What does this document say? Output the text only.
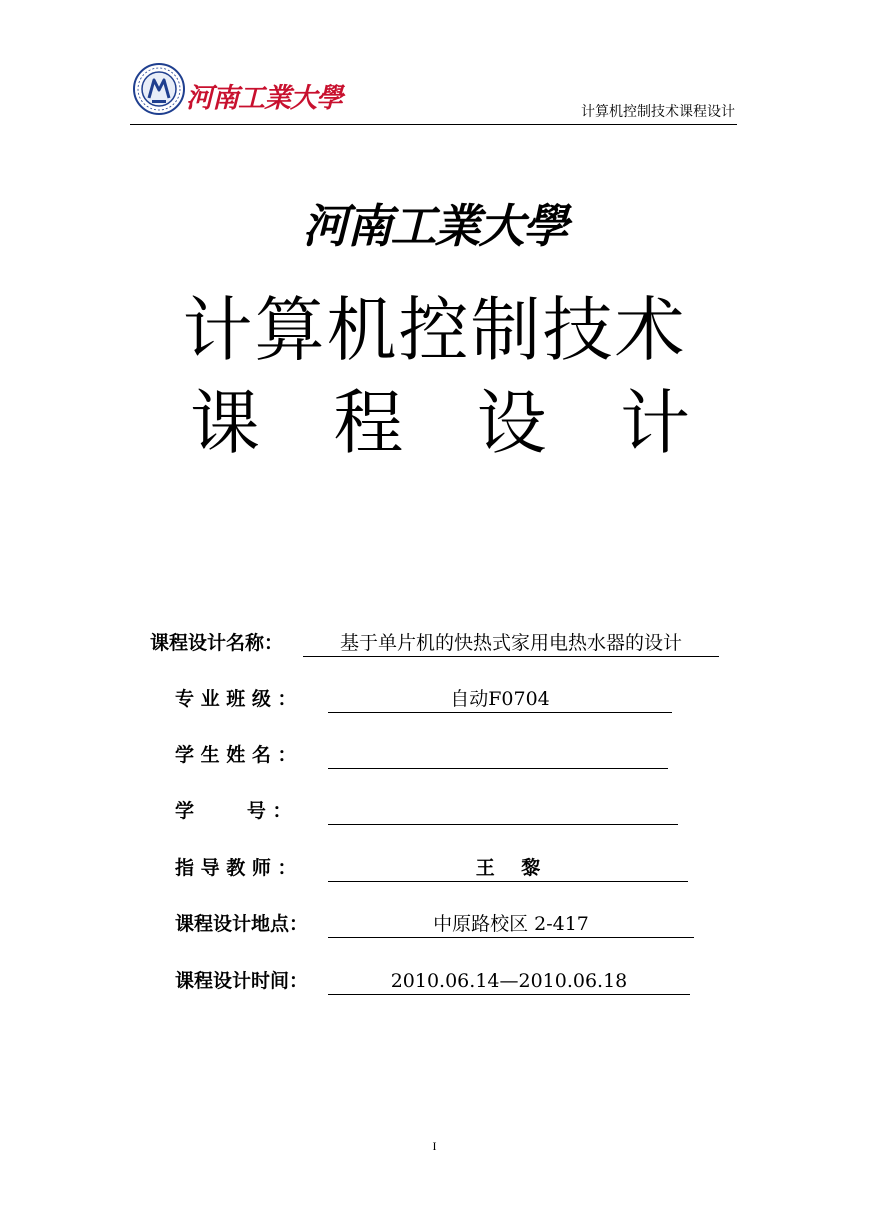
河南工業大學	计算机控制技术课程设计
河南工業大學
计算机控制技术
课 程 设 计
课程设计名称：	基于单片机的快热式家用电热水器的设计
专 业 班 级 ：	自动F0704
学 生 姓 名 ：
学        号 ：
指 导 教 师 ：	王    黎
课程设计地点：	中原路校区 2-417
课程设计时间：	2010.06.14—2010.06.18
I
